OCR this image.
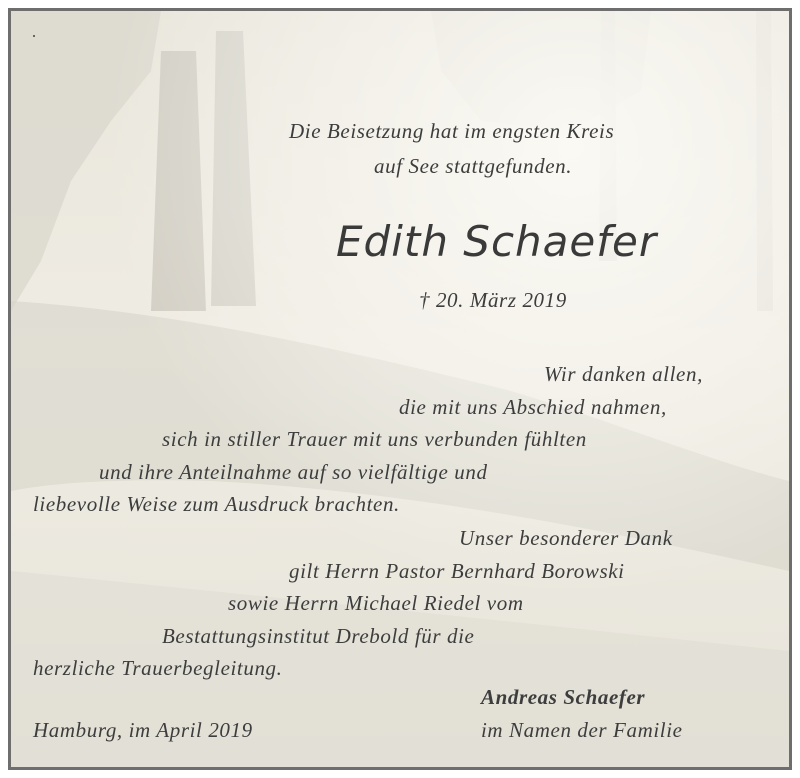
Die Beisetzung hat im engsten Kreis
auf See stattgefunden.
Edith Schaefer
† 20. März 2019
Wir danken allen,
die mit uns Abschied nahmen,
sich in stiller Trauer mit uns verbunden fühlten
und ihre Anteilnahme auf so vielfältige und
liebevolle Weise zum Ausdruck brachten.
Unser besonderer Dank
gilt Herrn Pastor Bernhard Borowski
sowie Herrn Michael Riedel vom
Bestattungsinstitut Drebold für die
herzliche Trauerbegleitung.
Andreas Schaefer
Hamburg, im April 2019	im Namen der Familie
